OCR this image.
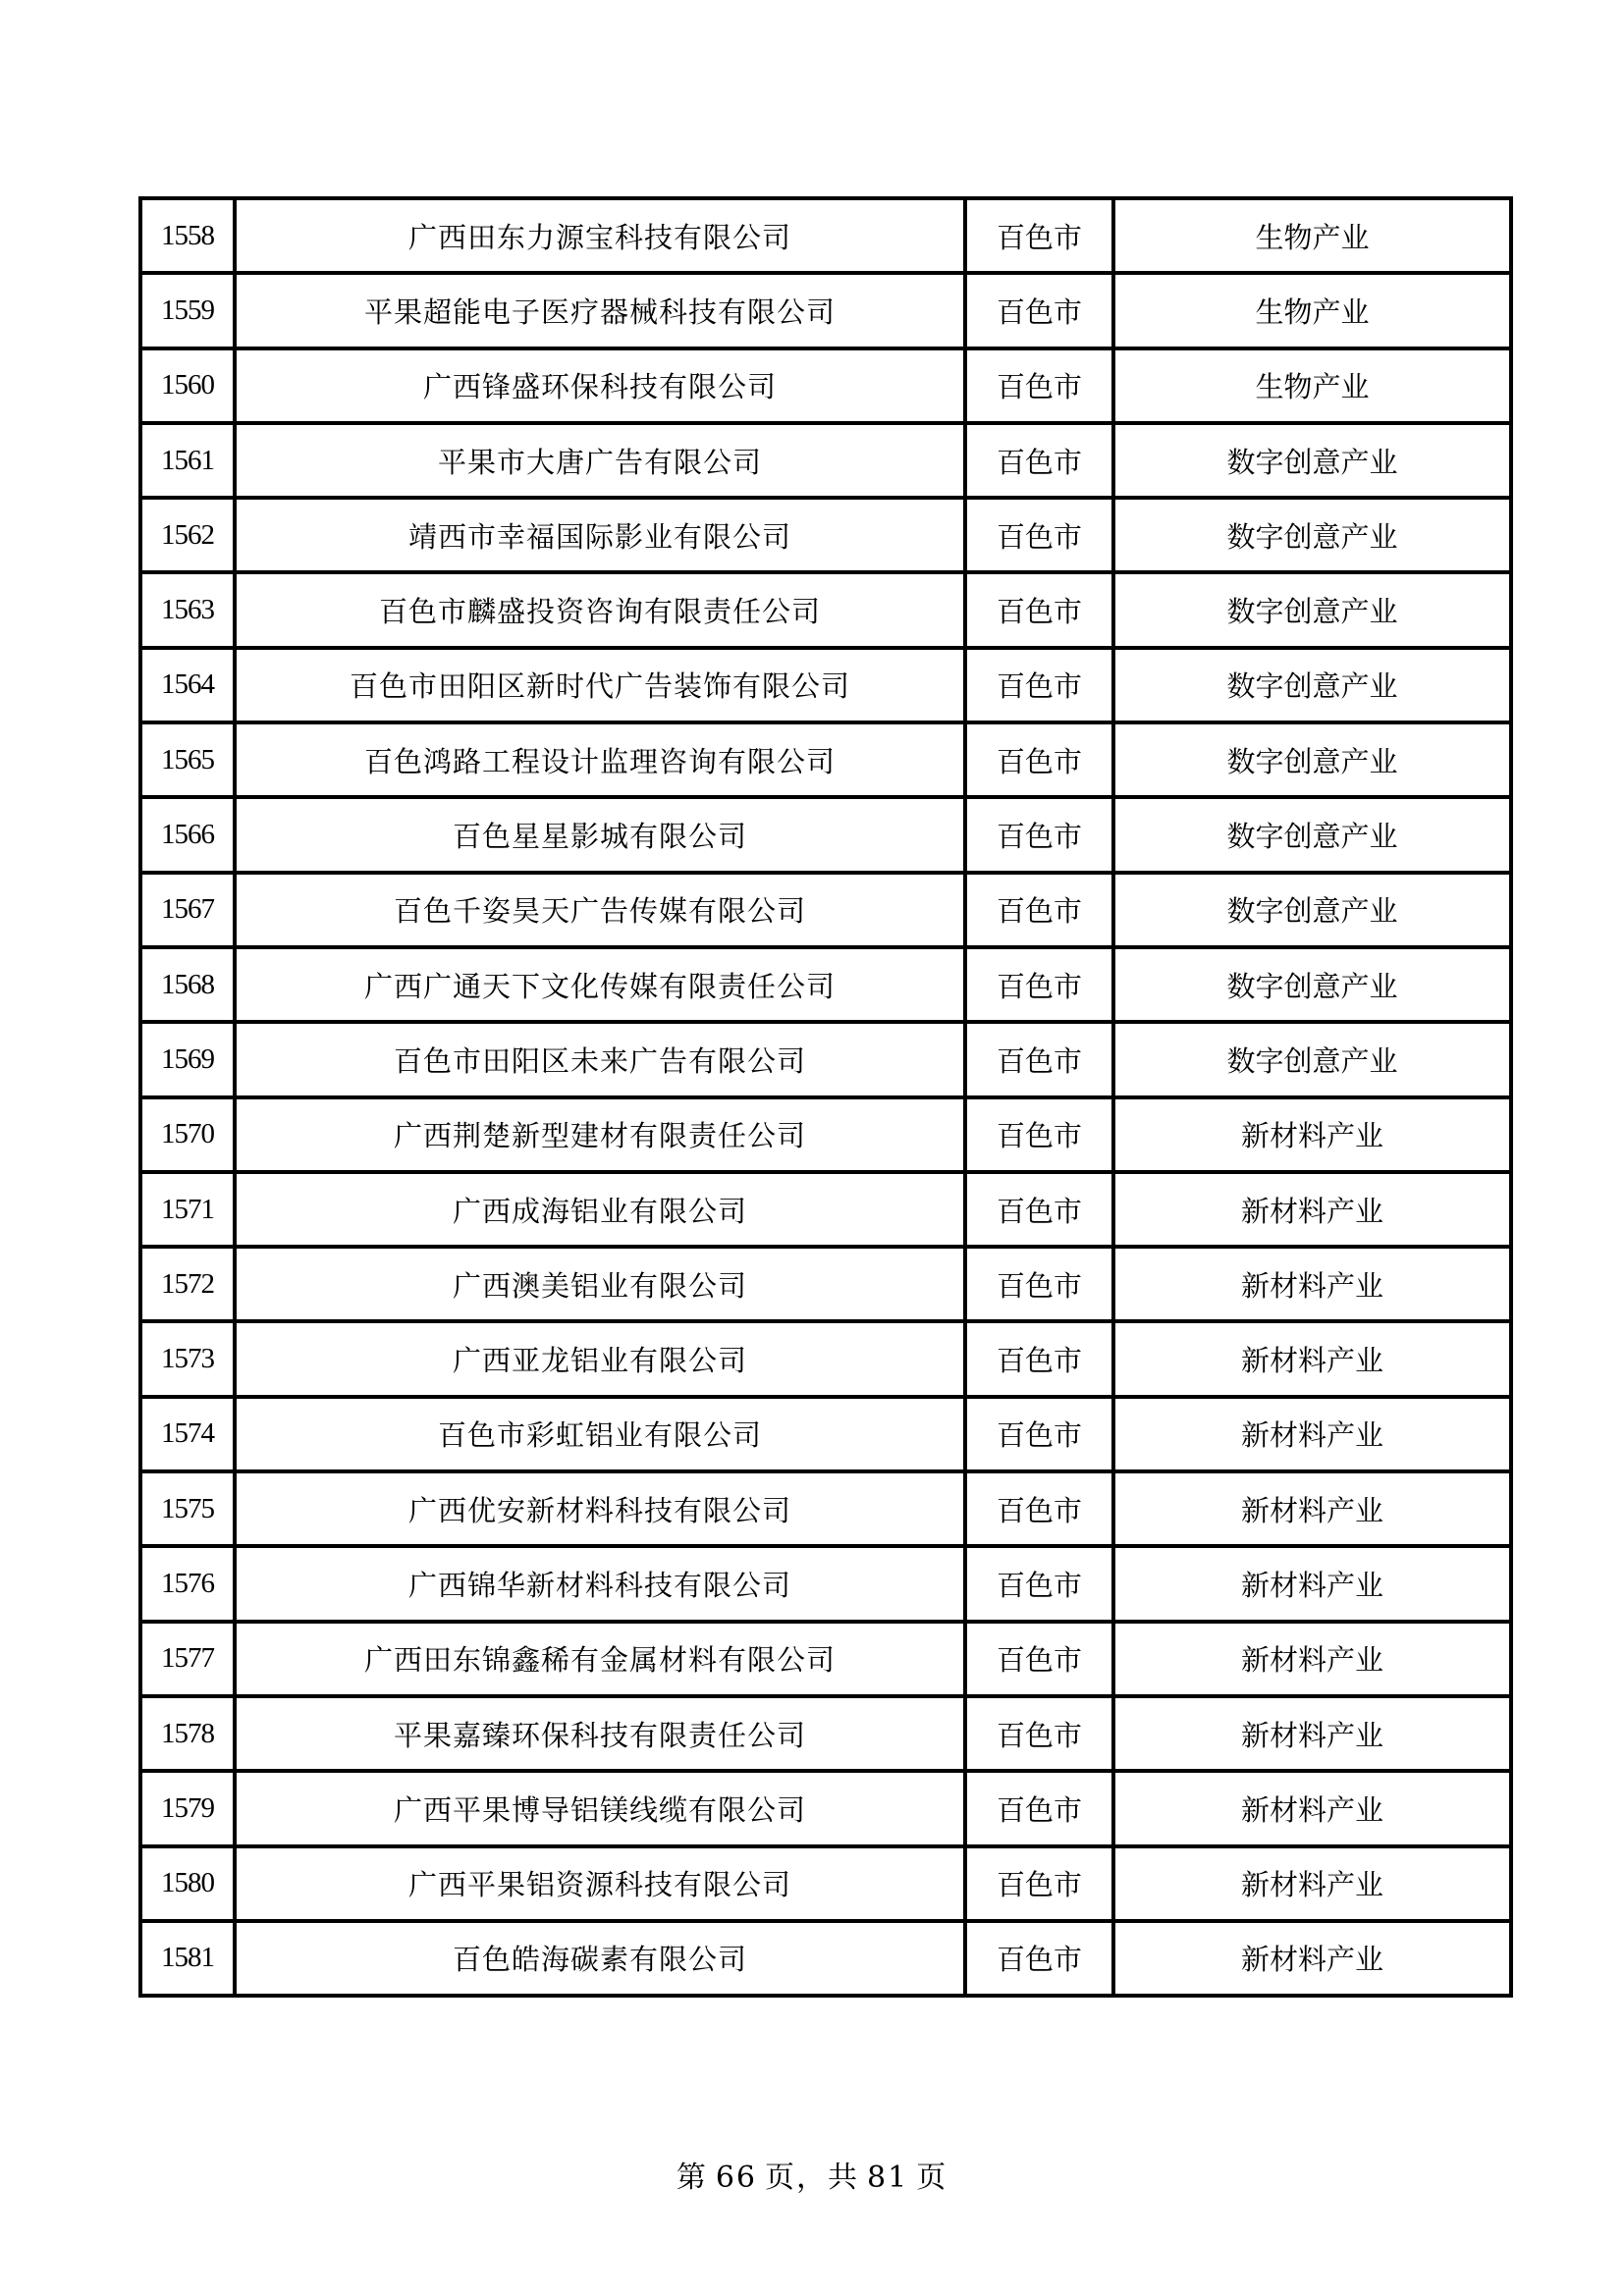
1558	广西田东力源宝科技有限公司	百色市	生物产业
1559	平果超能电子医疗器械科技有限公司	百色市	生物产业
1560	广西锋盛环保科技有限公司	百色市	生物产业
1561	平果市大唐广告有限公司	百色市	数字创意产业
1562	靖西市幸福国际影业有限公司	百色市	数字创意产业
1563	百色市麟盛投资咨询有限责任公司	百色市	数字创意产业
1564	百色市田阳区新时代广告装饰有限公司	百色市	数字创意产业
1565	百色鸿路工程设计监理咨询有限公司	百色市	数字创意产业
1566	百色星星影城有限公司	百色市	数字创意产业
1567	百色千姿昊天广告传媒有限公司	百色市	数字创意产业
1568	广西广通天下文化传媒有限责任公司	百色市	数字创意产业
1569	百色市田阳区未来广告有限公司	百色市	数字创意产业
1570	广西荆楚新型建材有限责任公司	百色市	新材料产业
1571	广西成海铝业有限公司	百色市	新材料产业
1572	广西澳美铝业有限公司	百色市	新材料产业
1573	广西亚龙铝业有限公司	百色市	新材料产业
1574	百色市彩虹铝业有限公司	百色市	新材料产业
1575	广西优安新材料科技有限公司	百色市	新材料产业
1576	广西锦华新材料科技有限公司	百色市	新材料产业
1577	广西田东锦鑫稀有金属材料有限公司	百色市	新材料产业
1578	平果嘉臻环保科技有限责任公司	百色市	新材料产业
1579	广西平果博导铝镁线缆有限公司	百色市	新材料产业
1580	广西平果铝资源科技有限公司	百色市	新材料产业
1581	百色皓海碳素有限公司	百色市	新材料产业
第 66 页，共 81 页
